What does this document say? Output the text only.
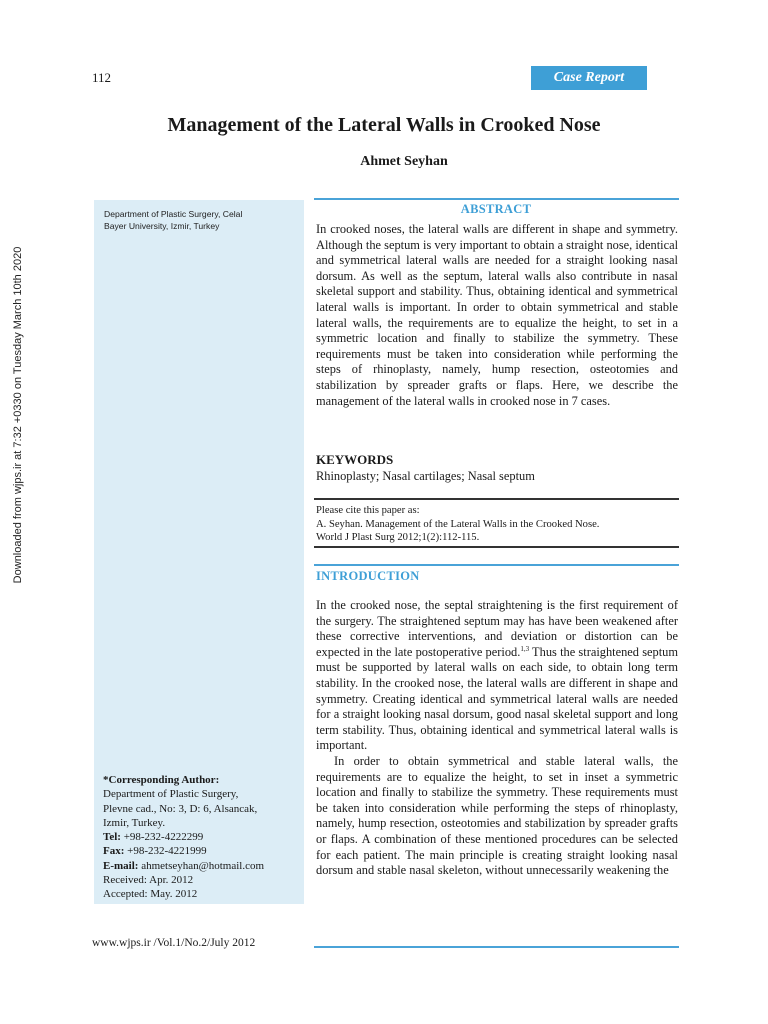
112	Case Report
Management of the Lateral Walls in Crooked Nose
Ahmet Seyhan
Downloaded from wjps.ir at 7:32 +0330 on Tuesday March 10th 2020
Department of Plastic Surgery, Celal
Bayer University, Izmir, Turkey
*Corresponding Author:
Department of Plastic Surgery,
Plevne cad., No: 3, D: 6, Alsancak,
Izmir, Turkey.
Tel: +98-232-4222299
Fax: +98-232-4221999
E-mail: ahmetseyhan@hotmail.com
Received: Apr. 2012
Accepted: May. 2012
ABSTRACT
In crooked noses, the lateral walls are different in shape and symmetry. Although the septum is very important to obtain a straight nose, identical and symmetrical lateral walls are needed for a straight looking nasal dorsum. As well as the septum, lateral walls also contribute in nasal skeletal support and stability. Thus, obtaining identical and symmetrical lateral walls is important. In order to obtain symmetrical and stable lateral walls, the requirements are to equalize the height, to set in a symmetric location and finally to stabilize the symmetry. These requirements must be taken into consideration while performing the steps of rhinoplasty, namely, hump resection, osteotomies and stabilization by spreader grafts or flaps. Here, we describe the management of the lateral walls in crooked nose in 7 cases.
KEYWORDS
Rhinoplasty; Nasal cartilages; Nasal septum
Please cite this paper as:
A. Seyhan. Management of the Lateral Walls in the Crooked Nose.
World J Plast Surg 2012;1(2):112-115.
INTRODUCTION

In the crooked nose, the septal straightening is the first requirement of the surgery. The straightened septum may has have been weakened after these corrective interventions, and deviation or distortion can be expected in the late postoperative period.$^{1,3}$ Thus the straightened septum must be supported by lateral walls on each side, to obtain long term stability. In the crooked nose, the lateral walls are different in shape and symmetry. Creating identical and symmetrical lateral walls are needed for a straight looking nasal dorsum, good nasal skeletal support and long term stability. Thus, obtaining identical and symmetrical lateral walls is important.

In order to obtain symmetrical and stable lateral walls, the requirements are to equalize the height, to set in inset a symmetric location and finally to stabilize the symmetry. These requirements must be taken into consideration while performing the steps of rhinoplasty, namely, hump resection, osteotomies and stabilization by spreader grafts or flaps. A combination of these mentioned procedures can be selected for each patient. The main principle is creating straight looking nasal dorsum and stable nasal skeleton, without unnecessarily weakening the

www.wjps.ir /Vol.1/No.2/July 2012
